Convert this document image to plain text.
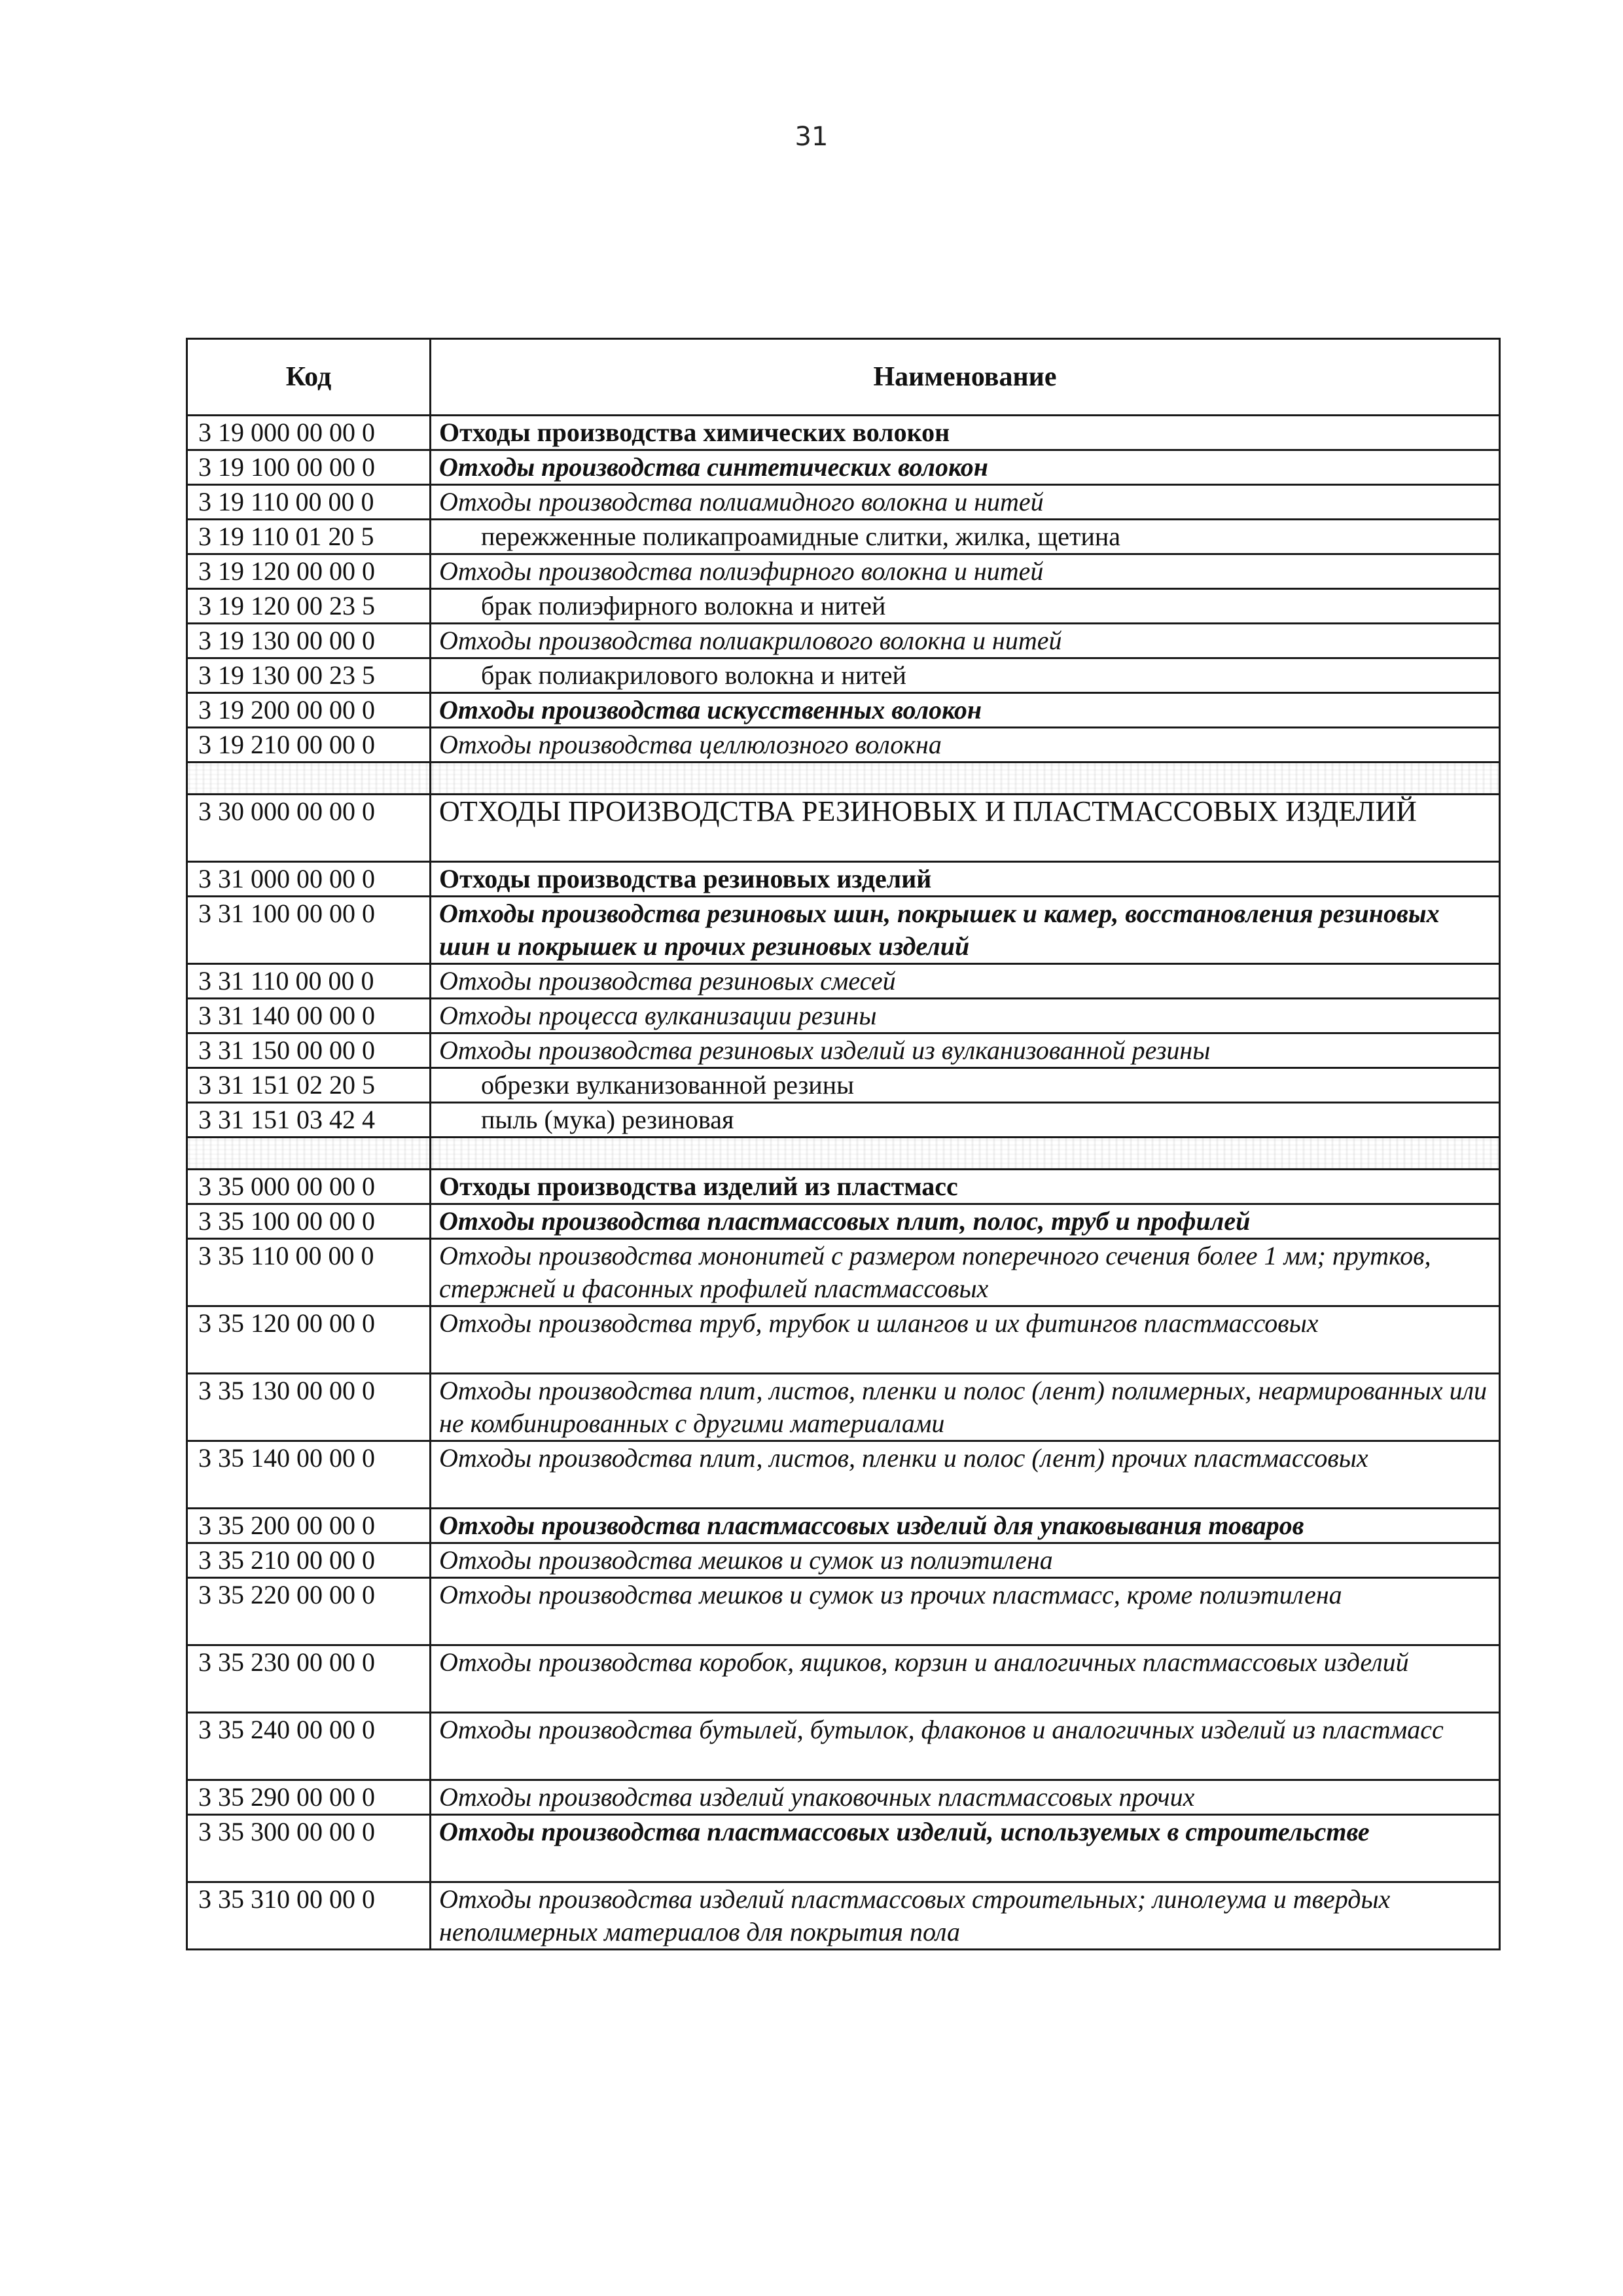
31
Код	Наименование
3 19 000 00 00 0	Отходы производства химических волокон
3 19 100 00 00 0	Отходы производства синтетических волокон
3 19 110 00 00 0	Отходы производства полиамидного волокна и нитей
3 19 110 01 20 5	пережженные поликапроамидные слитки, жилка, щетина
3 19 120 00 00 0	Отходы производства полиэфирного волокна и нитей
3 19 120 00 23 5	брак полиэфирного волокна и нитей
3 19 130 00 00 0	Отходы производства полиакрилового волокна и нитей
3 19 130 00 23 5	брак полиакрилового волокна и нитей
3 19 200 00 00 0	Отходы производства искусственных волокон
3 19 210 00 00 0	Отходы производства целлюлозного волокна

3 30 000 00 00 0	ОТХОДЫ ПРОИЗВОДСТВА РЕЗИНОВЫХ И ПЛАСТМАССОВЫХ ИЗДЕЛИЙ
3 31 000 00 00 0	Отходы производства резиновых изделий
3 31 100 00 00 0	Отходы производства резиновых шин, покрышек и камер, восстановления резиновых шин и покрышек и прочих резиновых изделий
3 31 110 00 00 0	Отходы производства резиновых смесей
3 31 140 00 00 0	Отходы процесса вулканизации резины
3 31 150 00 00 0	Отходы производства резиновых изделий из вулканизованной резины
3 31 151 02 20 5	обрезки вулканизованной резины
3 31 151 03 42 4	пыль (мука) резиновая

3 35 000 00 00 0	Отходы производства изделий из пластмасс
3 35 100 00 00 0	Отходы производства пластмассовых плит, полос, труб и профилей
3 35 110 00 00 0	Отходы производства мононитей с размером поперечного сечения более 1 мм; прутков, стержней и фасонных профилей пластмассовых
3 35 120 00 00 0	Отходы производства труб, трубок и шлангов и их фитингов пластмассовых
3 35 130 00 00 0	Отходы производства плит, листов, пленки и полос (лент) полимерных, неармированных или не комбинированных с другими материалами
3 35 140 00 00 0	Отходы производства плит, листов, пленки и полос (лент) прочих пластмассовых
3 35 200 00 00 0	Отходы производства пластмассовых изделий для упаковывания товаров
3 35 210 00 00 0	Отходы производства мешков и сумок из полиэтилена
3 35 220 00 00 0	Отходы производства мешков и сумок из прочих пластмасс, кроме полиэтилена
3 35 230 00 00 0	Отходы производства коробок, ящиков, корзин и аналогичных пластмассовых изделий
3 35 240 00 00 0	Отходы производства бутылей, бутылок, флаконов и аналогичных изделий из пластмасс
3 35 290 00 00 0	Отходы производства изделий упаковочных пластмассовых прочих
3 35 300 00 00 0	Отходы производства пластмассовых изделий, используемых в строительстве
3 35 310 00 00 0	Отходы производства изделий пластмассовых строительных; линолеума и твердых неполимерных материалов для покрытия пола
